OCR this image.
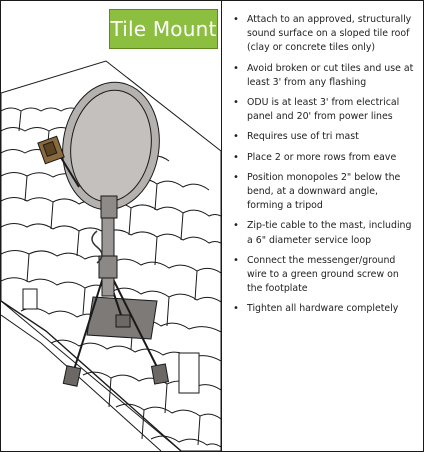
Tile Mount • Attach to an approved, structurally sound surface on a sloped tile roof (clay or concrete tiles only)
• Avoid broken or cut tiles and use at least 3' from any flashing
• ODU is at least 3' from electrical panel and 20' from power lines
• Requires use of tri mast
• Place 2 or more rows from eave
• Position monopoles 2" below the bend, at a downward angle, forming a tripod
• Zip-tie cable to the mast, including a 6" diameter service loop
• Connect the messenger/ground wire to a green ground screw on the footplate
• Tighten all hardware completely
